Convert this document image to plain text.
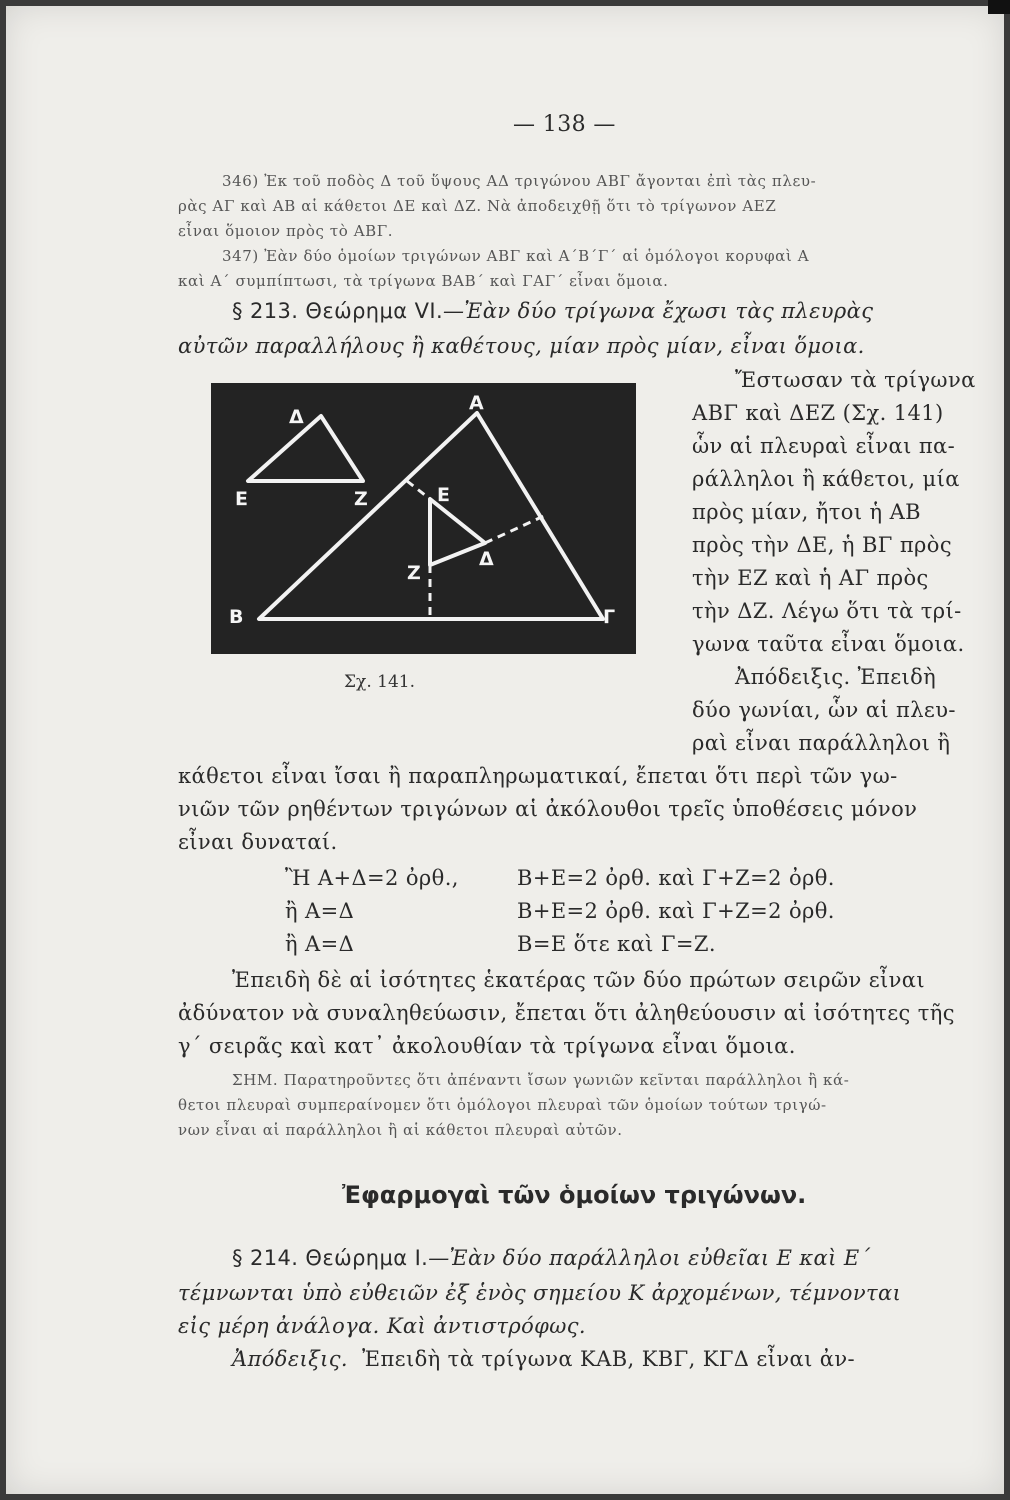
— 138 —
346) Ἐκ τοῦ ποδὸς Δ τοῦ ὕψους ΑΔ τριγώνου ΑΒΓ ἄγονται ἐπὶ τὰς πλευ-
ρὰς ΑΓ καὶ ΑΒ αἱ κάθετοι ΔΕ καὶ ΔΖ. Νὰ ἀποδειχθῇ ὅτι τὸ τρίγωνον ΑΕΖ
εἶναι ὅμοιον πρὸς τὸ ΑΒΓ.
347) Ἐὰν δύο ὁμοίων τριγώνων ΑΒΓ καὶ Α΄Β΄Γ΄ αἱ ὁμόλογοι κορυφαὶ Α
καὶ Α΄ συμπίπτωσι, τὰ τρίγωνα ΒΑΒ΄ καὶ ΓΑΓ΄ εἶναι ὅμοια.
§ 213. Θεώρημα VI.—Ἐὰν δύο τρίγωνα ἔχωσι τὰς πλευρὰς
αὐτῶν παραλλήλους ἢ καθέτους, μίαν πρὸς μίαν, εἶναι ὅμοια.
Δ
Ε	Ζ
Α
Ε
Ζ
Δ
Β	Γ
Σχ. 141.
Ἔστωσαν τὰ τρίγωνα
ΑΒΓ καὶ ΔΕΖ (Σχ. 141)
ὧν αἱ πλευραὶ εἶναι πα-
ράλληλοι ἢ κάθετοι, μία
πρὸς μίαν, ἤτοι ἡ ΑΒ
πρὸς τὴν ΔΕ, ἡ ΒΓ πρὸς
τὴν ΕΖ καὶ ἡ ΑΓ πρὸς
τὴν ΔΖ. Λέγω ὅτι τὰ τρί-
γωνα ταῦτα εἶναι ὅμοια.
Ἀπόδειξις. Ἐπειδὴ
δύο γωνίαι, ὧν αἱ πλευ-
ραὶ εἶναι παράλληλοι ἢ
κάθετοι εἶναι ἴσαι ἢ παραπληρωματικαί, ἔπεται ὅτι περὶ τῶν γω-
νιῶν τῶν ρηθέντων τριγώνων αἱ ἀκόλουθοι τρεῖς ὑποθέσεις μόνον
εἶναι δυναταί.
Ἢ Α+Δ=2 ὀρθ.,	Β+Ε=2 ὀρθ. καὶ Γ+Ζ=2 ὀρθ.
ἢ Α=Δ	Β+Ε=2 ὀρθ. καὶ Γ+Ζ=2 ὀρθ.
ἢ Α=Δ	Β=Ε ὅτε καὶ Γ=Ζ.
Ἐπειδὴ δὲ αἱ ἰσότητες ἑκατέρας τῶν δύο πρώτων σειρῶν εἶναι
ἀδύνατον νὰ συναληθεύωσιν, ἔπεται ὅτι ἀληθεύουσιν αἱ ἰσότητες τῆς
γ΄ σειρᾶς καὶ κατ᾽ ἀκολουθίαν τὰ τρίγωνα εἶναι ὅμοια.
ΣΗΜ. Παρατηροῦντες ὅτι ἀπέναντι ἴσων γωνιῶν κεῖνται παράλληλοι ἢ κά-
θετοι πλευραὶ συμπεραίνομεν ὅτι ὁμόλογοι πλευραὶ τῶν ὁμοίων τούτων τριγώ-
νων εἶναι αἱ παράλληλοι ἢ αἱ κάθετοι πλευραὶ αὐτῶν.
Ἐφαρμογαὶ τῶν ὁμοίων τριγώνων.
§ 214. Θεώρημα Ι.—Ἐὰν δύο παράλληλοι εὐθεῖαι Ε καὶ Ε΄
τέμνωνται ὑπὸ εὐθειῶν ἐξ ἑνὸς σημείου Κ ἀρχομένων, τέμνονται
εἰς μέρη ἀνάλογα. Καὶ ἀντιστρόφως.
Ἀπόδειξις. Ἐπειδὴ τὰ τρίγωνα ΚΑΒ, ΚΒΓ, ΚΓΔ εἶναι ἀν-
